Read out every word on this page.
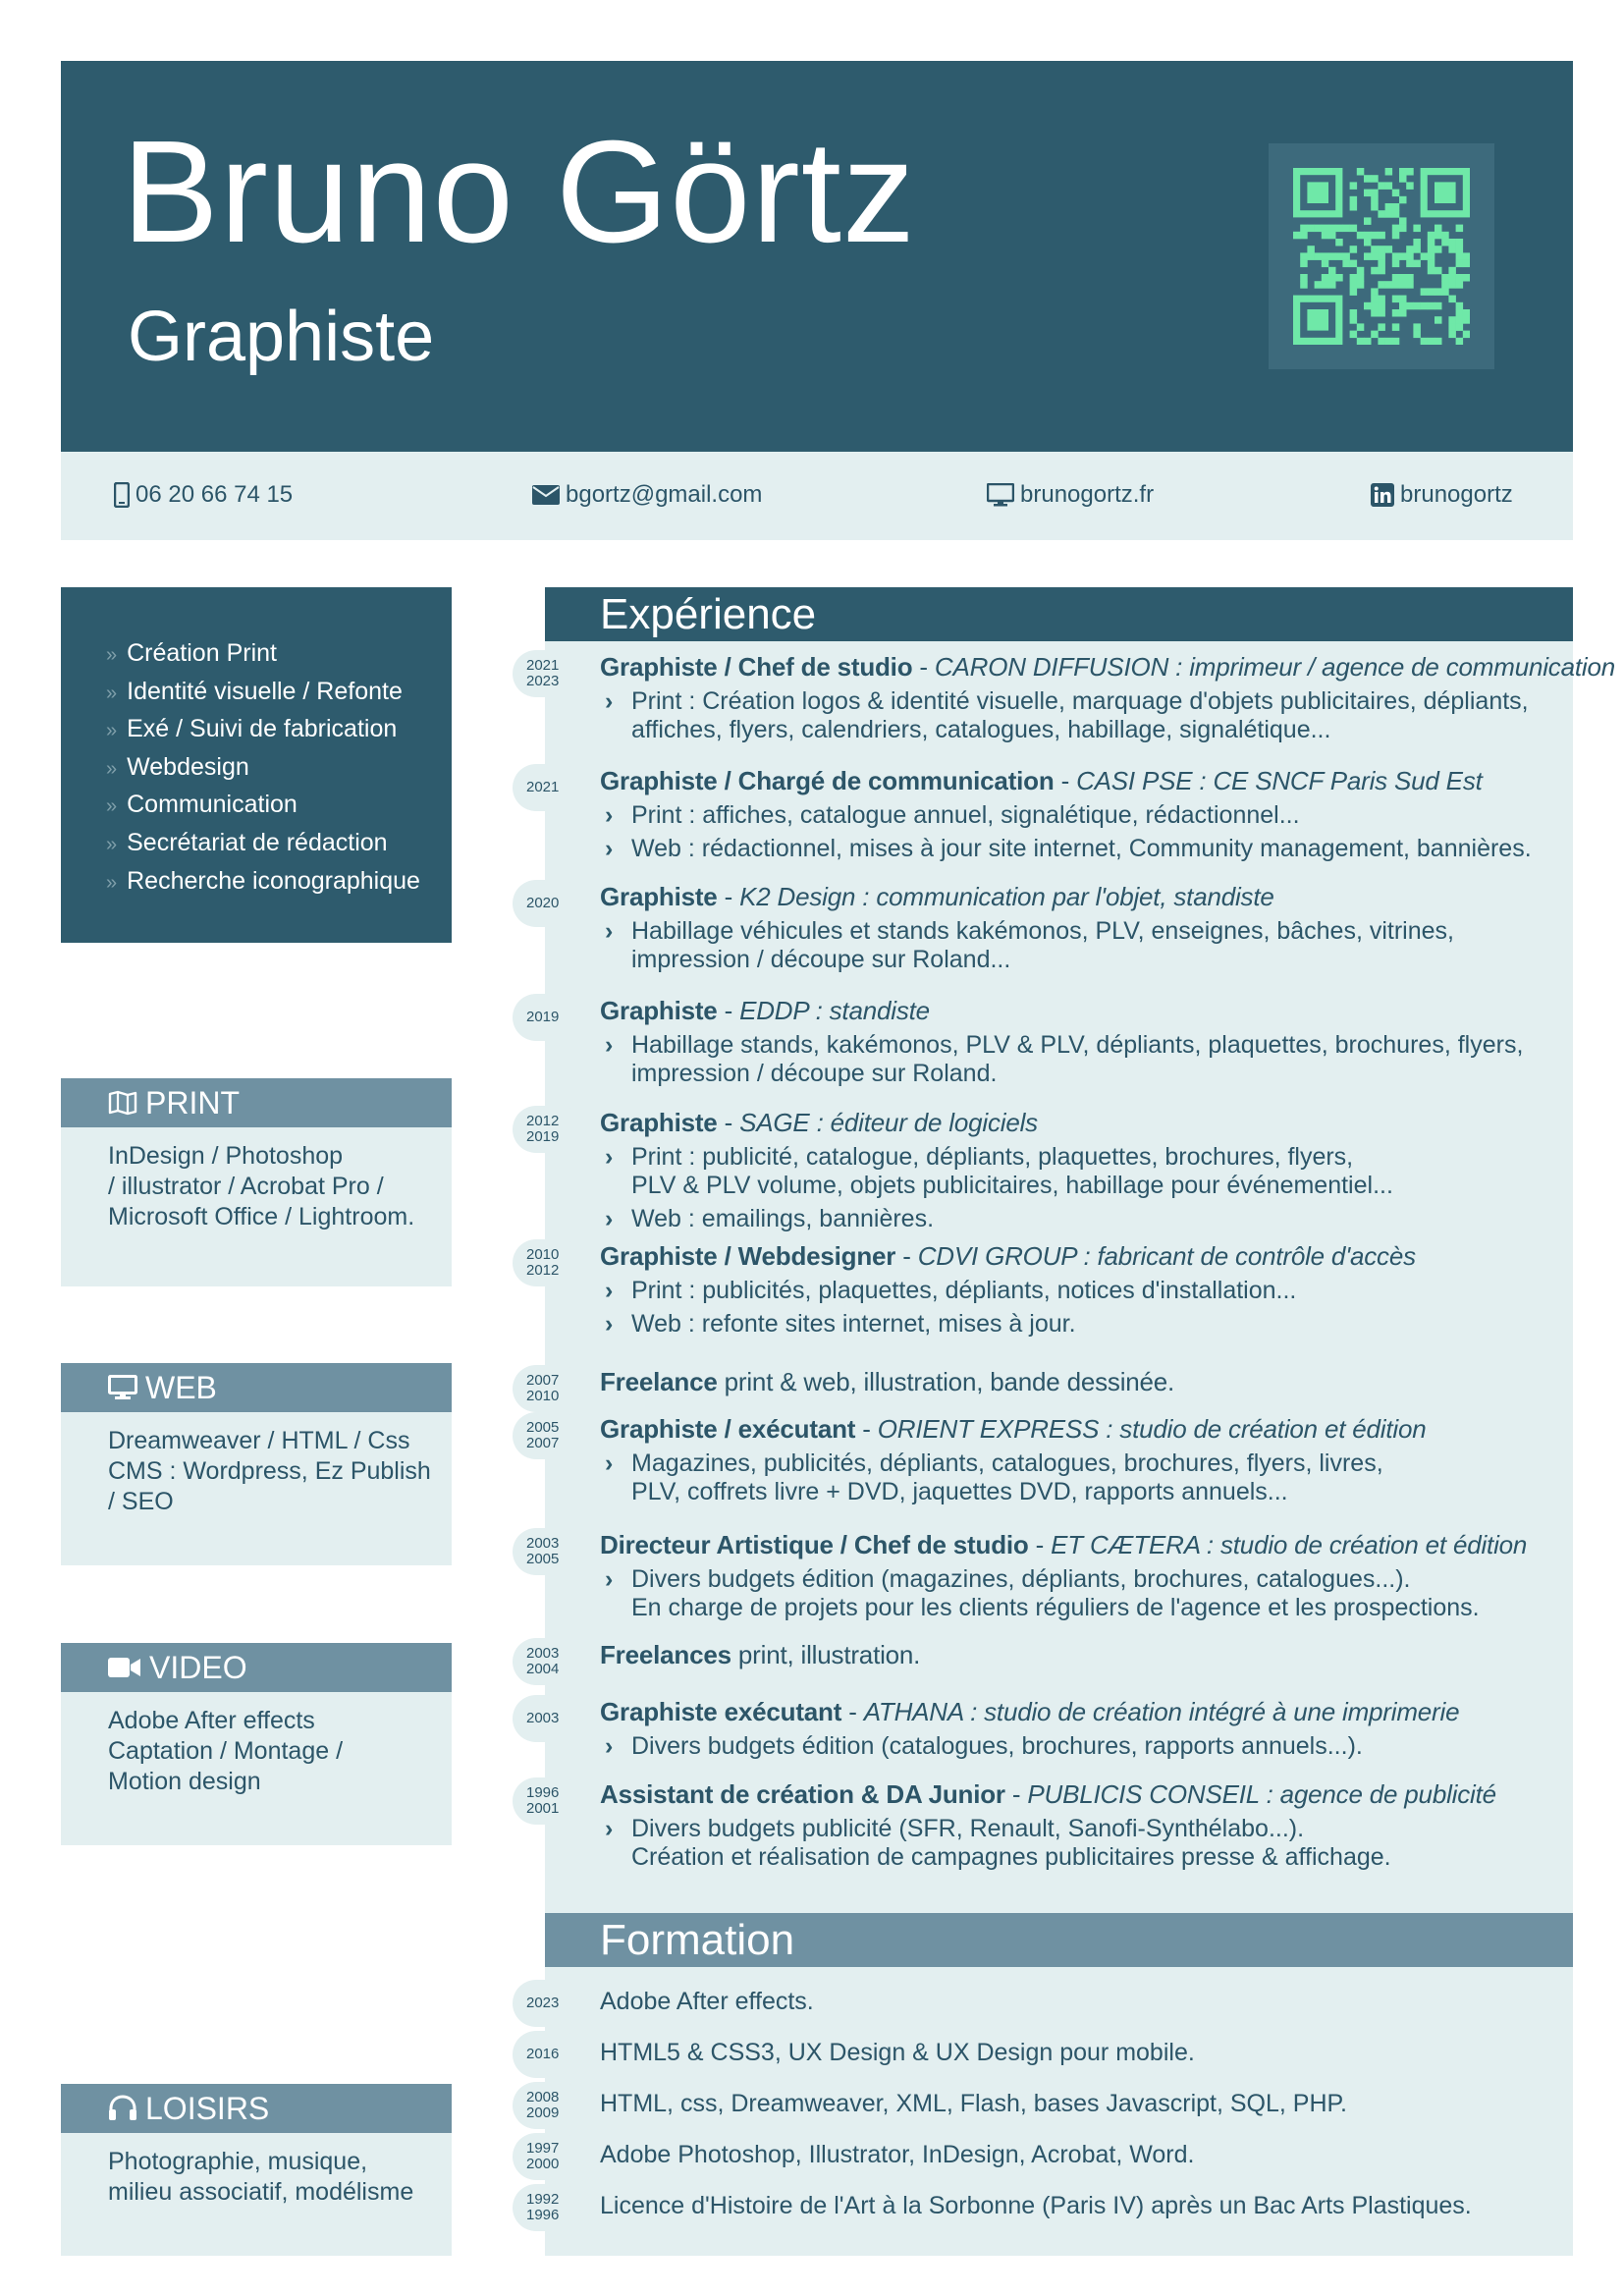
Bruno Görtz
Graphiste
06 20 66 74 15	bgortz@gmail.com	brunogortz.fr	brunogortz
» Création Print
» Identité visuelle / Refonte
» Exé / Suivi de fabrication
» Webdesign
» Communication
» Secrétariat de rédaction
» Recherche iconographique
PRINT
InDesign / Photoshop
/ illustrator / Acrobat Pro /
Microsoft Office / Lightroom.
WEB
Dreamweaver / HTML / Css
CMS : Wordpress, Ez Publish
/ SEO
VIDEO
Adobe After effects
Captation / Montage /
Motion design
LOISIRS
Photographie, musique,
milieu associatif, modélisme
Expérience
Formation
2021
2023	Graphiste / Chef de studio - CARON DIFFUSION : imprimeur / agence de communication
› Print : Création logos & identité visuelle, marquage d'objets publicitaires, dépliants,
affiches, flyers, calendriers, catalogues, habillage, signalétique...
2021	Graphiste / Chargé de communication - CASI PSE : CE SNCF Paris Sud Est
› Print : affiches, catalogue annuel, signalétique, rédactionnel...
› Web : rédactionnel, mises à jour site internet, Community management, bannières.
2020	Graphiste - K2 Design : communication par l'objet, standiste
› Habillage véhicules et stands kakémonos, PLV, enseignes, bâches, vitrines,
impression / découpe sur Roland...
2019	Graphiste - EDDP : standiste
› Habillage stands, kakémonos, PLV & PLV, dépliants, plaquettes, brochures, flyers,
impression / découpe sur Roland.
2012
2019	Graphiste - SAGE : éditeur de logiciels
› Print : publicité, catalogue, dépliants, plaquettes, brochures, flyers,
PLV & PLV volume, objets publicitaires, habillage pour événementiel...
› Web : emailings, bannières.
2010
2012	Graphiste / Webdesigner - CDVI GROUP : fabricant de contrôle d'accès
› Print : publicités, plaquettes, dépliants, notices d'installation...
› Web : refonte sites internet, mises à jour.
2007
2010	Freelance print & web, illustration, bande dessinée.
2005
2007	Graphiste / exécutant - ORIENT EXPRESS : studio de création et édition
› Magazines, publicités, dépliants, catalogues, brochures, flyers, livres,
PLV, coffrets livre + DVD, jaquettes DVD, rapports annuels...
2003
2005	Directeur Artistique / Chef de studio - ET CÆTERA : studio de création et édition
› Divers budgets édition (magazines, dépliants, brochures, catalogues...).
En charge de projets pour les clients réguliers de l'agence et les prospections.
2003
2004	Freelances print, illustration.
2003	Graphiste exécutant - ATHANA : studio de création intégré à une imprimerie
› Divers budgets édition (catalogues, brochures, rapports annuels...).
1996
2001	Assistant de création & DA Junior - PUBLICIS CONSEIL : agence de publicité
› Divers budgets publicité (SFR, Renault, Sanofi-Synthélabo...).
Création et réalisation de campagnes publicitaires presse & affichage.
2023	Adobe After effects.
2016	HTML5 & CSS3, UX Design & UX Design pour mobile.
2008
2009	HTML, css, Dreamweaver, XML, Flash, bases Javascript, SQL, PHP.
1997
2000	Adobe Photoshop, Illustrator, InDesign, Acrobat, Word.
1992
1996	Licence d'Histoire de l'Art à la Sorbonne (Paris IV) après un Bac Arts Plastiques.
